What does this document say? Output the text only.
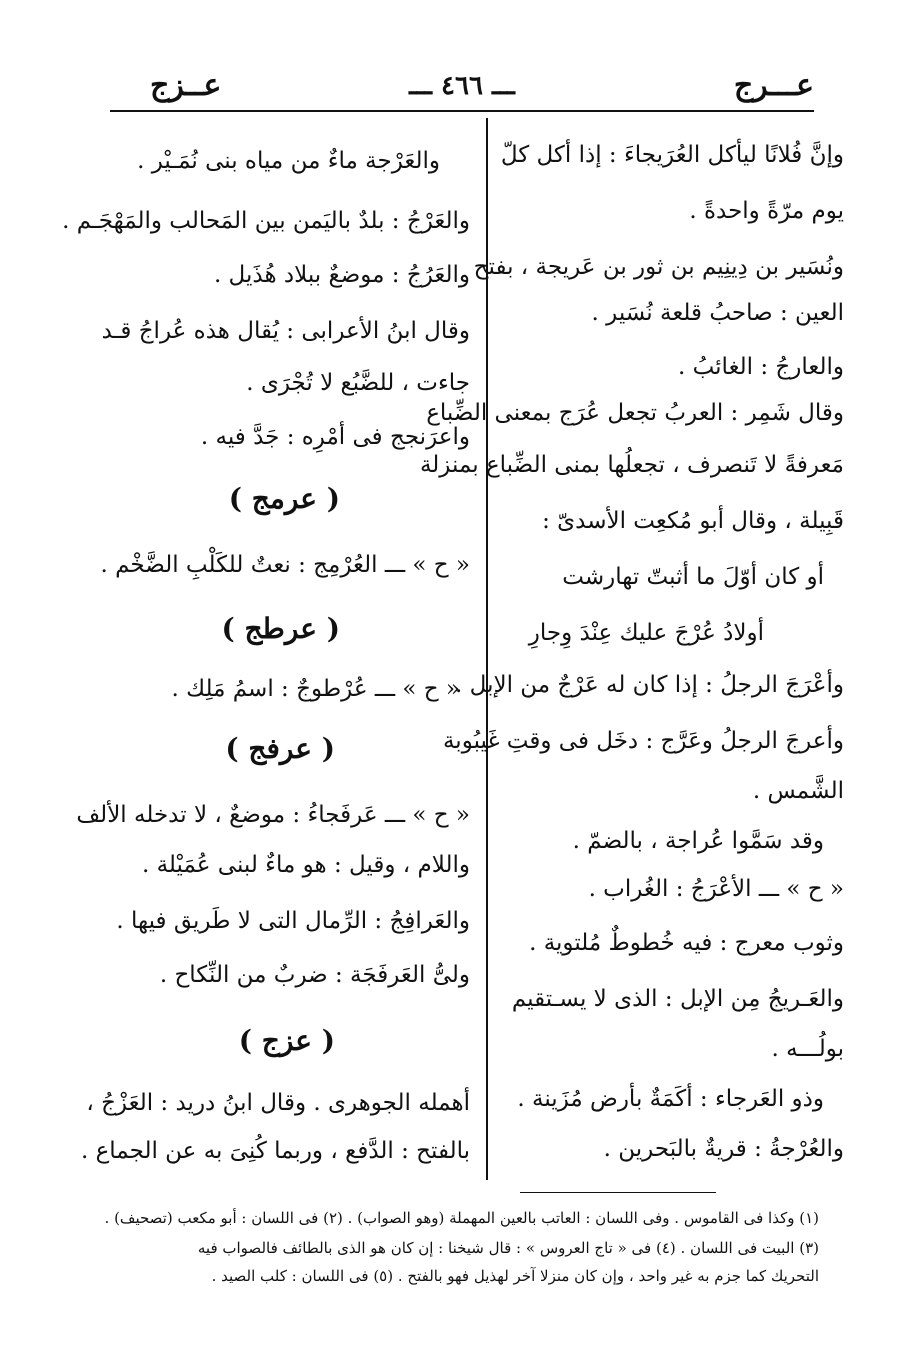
عـــرج
ـــ ٤٦٦ ـــ
عــزج
وإنَّ فُلانًا ليأكل العُرَيجاءَ : إذا أكل كلّ
يوم مرّةً واحدةً .
ونُسَير بن دِينِيم بن ثور بن عَريجة ، بفتح
العين : صاحبُ قلعة نُسَير .
والعارجُ : الغائبُ .
وقال شَمِر : العربُ تجعل عُرَج بمعنى الضِّباع
مَعرفةً لا تَنصرف ، تجعلُها بمنى الضِّباع بمنزلة
قَبِيلة ، وقال أبو مُكعِت الأسدىّ :
أو كان أوّلَ ما أثبتّ تهارشت
أولادُ عُرْجَ عليك عِنْدَ وِجارِ
وأعْرَجَ الرجلُ : إذا كان له عَرْجٌ من الإبل .
وأعرجَ الرجلُ وعَرَّج : دخَل فى وقتِ غَيبُوبة
الشَّمس .
وقد سَمَّوا عُراجة ، بالضمّ .
« ح » ـــ الأعْرَجُ : الغُراب .
وثوب معرج : فيه خُطوطٌ مُلتوية .
والعَـريجُ مِن الإبل : الذى لا يسـتقيم
بولُـــه .
وذو العَرجاء : أكَمَةٌ بأرض مُزَينة .
والعُرْجةُ : قريةٌ بالبَحرين .
والعَرْجة ماءٌ من مياه بنى نُمَـيْر .
والعَرْجُ : بلدٌ باليَمن بين المَحالب والمَهْجَـم .
والعَرُجُ : موضعٌ ببلاد هُذَيل .
وقال ابنُ الأعرابى : يُقال هذه عُراجُ قـد
جاءت ، للضَّبُع لا تُجْرَى .
واعرَنجج فى أمْرِه : جَدَّ فيه .
( عرمج )
« ح » ـــ العُرْمِج : نعتٌ للكَلْبِ الضَّخْم .
( عرطج )
« ح » ـــ عُرْطوجٌ : اسمُ مَلِك .
( عرفج )
« ح » ـــ عَرفَجاءُ : موضعٌ ، لا تدخله الألف
واللام ، وقيل : هو ماءٌ لبنى عُمَيْلة .
والعَرافِجُ : الرِّمال التى لا طَريق فيها .
ولىُّ العَرفَجَة : ضربٌ من النِّكاح .
( عزج )
أهمله الجوهرى . وقال ابنُ دريد : العَزْجُ ،
بالفتح : الدَّفع ، وربما كُنِىَ به عن الجماع .
(١) وكذا فى القاموس . وفى اللسان : العاتب بالعين المهملة (وهو الصواب) . (٢) فى اللسان : أبو مكعب (تصحيف) .
(٣) البيت فى اللسان . (٤) فى « تاج العروس » : قال شيخنا : إن كان هو الذى بالطائف فالصواب فيه
التحريك كما جزم به غير واحد ، وإن كان منزلا آخر لهذيل فهو بالفتح . (٥) فى اللسان : كلب الصيد .
